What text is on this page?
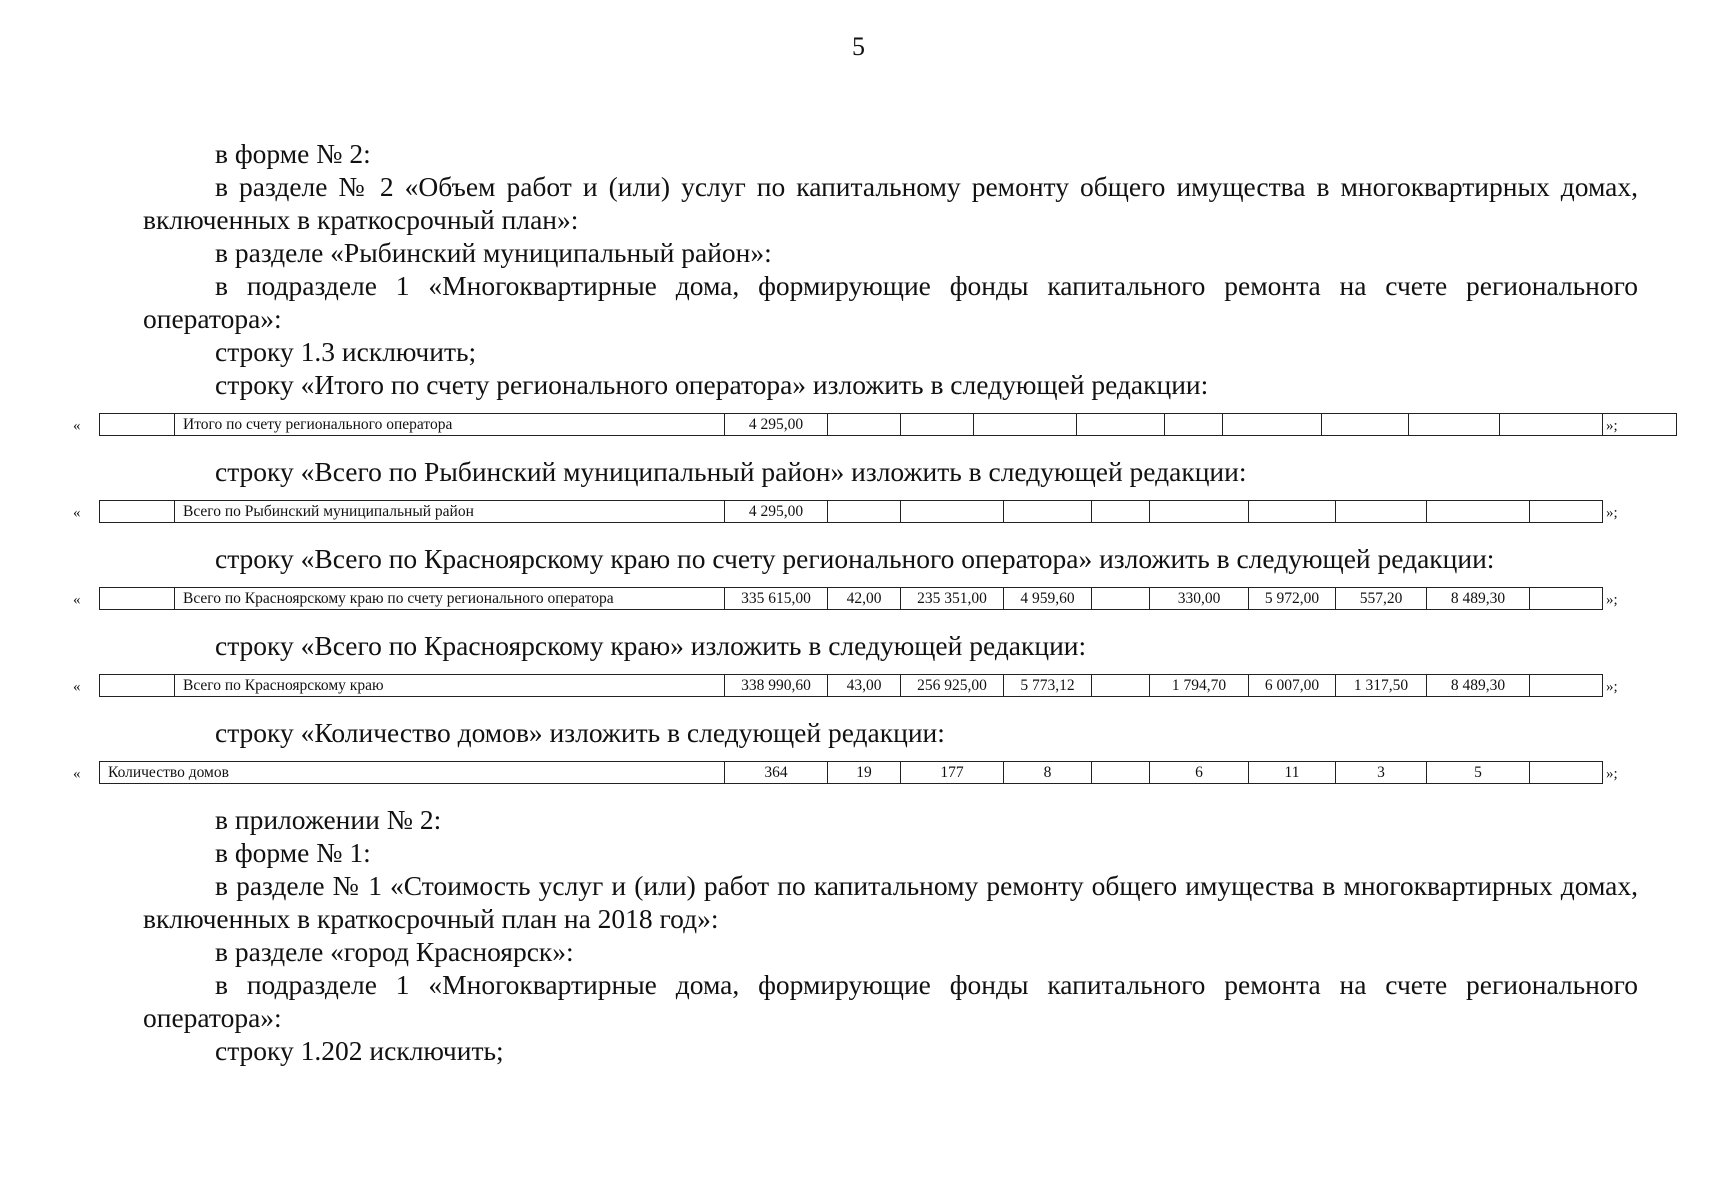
5

в форме № 2:

в разделе № 2 «Объем работ и (или) услуг по капитальному ремонту общего имущества в многоквартирных домах, включенных в краткосрочный план»:

в разделе «Рыбинский муниципальный район»:

в подразделе 1 «Многоквартирные дома, формирующие фонды капитального ремонта на счете регионального оператора»:

строку 1.3 исключить;

строку «Итого по счету регионального оператора» изложить в следующей редакции:

«
		Итого по счету регионального оператора	4 295,00											»;

строку «Всего по Рыбинский муниципальный район» изложить в следующей редакции:

«
		Всего по Рыбинский муниципальный район	4 295,00											»;

строку «Всего по Красноярскому краю по счету регионального оператора» изложить в следующей редакции:

«
		Всего по Красноярскому краю по счету регионального оператора	335 615,00	42,00	235 351,00	4 959,60		330,00	5 972,00	557,20	8 489,30		»;

строку «Всего по Красноярскому краю» изложить в следующей редакции:

«
		Всего по Красноярскому краю	338 990,60	43,00	256 925,00	5 773,12		1 794,70	6 007,00	1 317,50	8 489,30		»;

строку «Количество домов» изложить в следующей редакции:

« Количество домов	364	19	177	8		6	11	3	5		»;

в приложении № 2:

в форме № 1:

в разделе № 1 «Стоимость услуг и (или) работ по капитальному ремонту общего имущества в многоквартирных домах, включенных в краткосрочный план на 2018 год»:

в разделе «город Красноярск»:

в подразделе 1 «Многоквартирные дома, формирующие фонды капитального ремонта на счете регионального оператора»:

строку 1.202 исключить;
